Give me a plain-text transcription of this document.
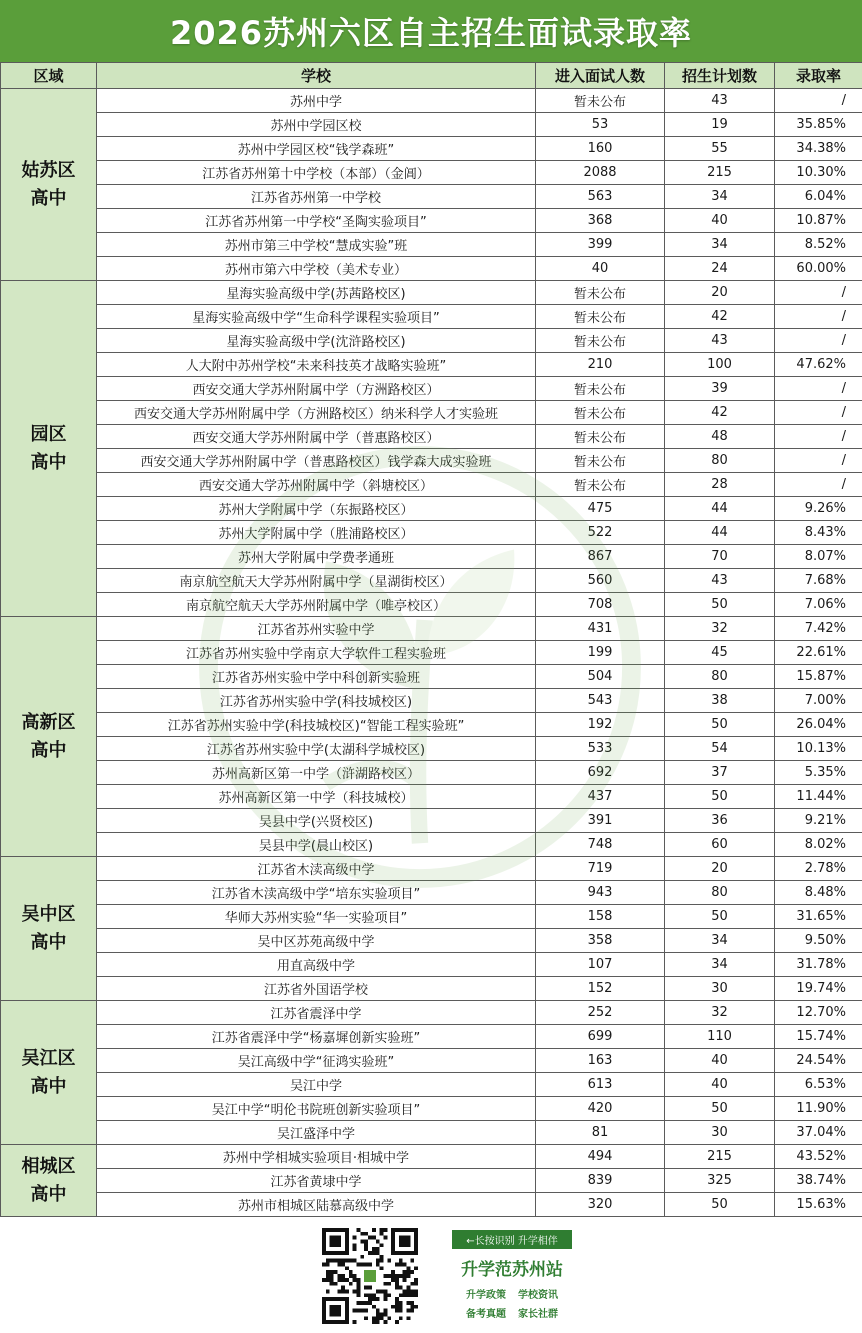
2026苏州六区自主招生面试录取率
区域	学校	进入面试人数	招生计划数	录取率
姑苏区
高中	苏州中学	暂未公布	43	/
	苏州中学园区校	53	19	35.85%
	苏州中学园区校“钱学森班”	160	55	34.38%
	江苏省苏州第十中学校（本部）（金阊）	2088	215	10.30%
	江苏省苏州第一中学校	563	34	6.04%
	江苏省苏州第一中学校“圣陶实验项目”	368	40	10.87%
	苏州市第三中学校“慧成实验”班	399	34	8.52%
	苏州市第六中学校（美术专业）	40	24	60.00%
园区
高中	星海实验高级中学(苏茜路校区)	暂未公布	20	/
	星海实验高级中学“生命科学课程实验项目”	暂未公布	42	/
	星海实验高级中学(沈浒路校区)	暂未公布	43	/
	人大附中苏州学校“未来科技英才战略实验班”	210	100	47.62%
	西安交通大学苏州附属中学（方洲路校区）	暂未公布	39	/
	西安交通大学苏州附属中学（方洲路校区）纳米科学人才实验班	暂未公布	42	/
	西安交通大学苏州附属中学（普惠路校区）	暂未公布	48	/
	西安交通大学苏州附属中学（普惠路校区）钱学森大成实验班	暂未公布	80	/
	西安交通大学苏州附属中学（斜塘校区）	暂未公布	28	/
	苏州大学附属中学（东振路校区）	475	44	9.26%
	苏州大学附属中学（胜浦路校区）	522	44	8.43%
	苏州大学附属中学费孝通班	867	70	8.07%
	南京航空航天大学苏州附属中学（星湖街校区）	560	43	7.68%
	南京航空航天大学苏州附属中学（唯亭校区）	708	50	7.06%
高新区
高中	江苏省苏州实验中学	431	32	7.42%
	江苏省苏州实验中学南京大学软件工程实验班	199	45	22.61%
	江苏省苏州实验中学中科创新实验班	504	80	15.87%
	江苏省苏州实验中学(科技城校区)	543	38	7.00%
	江苏省苏州实验中学(科技城校区)“智能工程实验班”	192	50	26.04%
	江苏省苏州实验中学(太湖科学城校区)	533	54	10.13%
	苏州高新区第一中学（浒湖路校区）	692	37	5.35%
	苏州高新区第一中学（科技城校）	437	50	11.44%
	吴县中学(兴贤校区)	391	36	9.21%
	吴县中学(晨山校区)	748	60	8.02%
吴中区
高中	江苏省木渎高级中学	719	20	2.78%
	江苏省木渎高级中学“培东实验项目”	943	80	8.48%
	华师大苏州实验“华一实验项目”	158	50	31.65%
	吴中区苏苑高级中学	358	34	9.50%
	用直高级中学	107	34	31.78%
	江苏省外国语学校	152	30	19.74%
吴江区
高中	江苏省震泽中学	252	32	12.70%
	江苏省震泽中学“杨嘉墀创新实验班”	699	110	15.74%
	吴江高级中学“征鸿实验班”	163	40	24.54%
	吴江中学	613	40	6.53%
	吴江中学“明伦书院班创新实验项目”	420	50	11.90%
	吴江盛泽中学	81	30	37.04%
相城区
高中	苏州中学相城实验项目·相城中学	494	215	43.52%
	江苏省黄埭中学	839	325	38.74%
	苏州市相城区陆慕高级中学	320	50	15.63%
←长按识别 升学相伴
升学范苏州站
升学政策 学校资讯
备考真题 家长社群
